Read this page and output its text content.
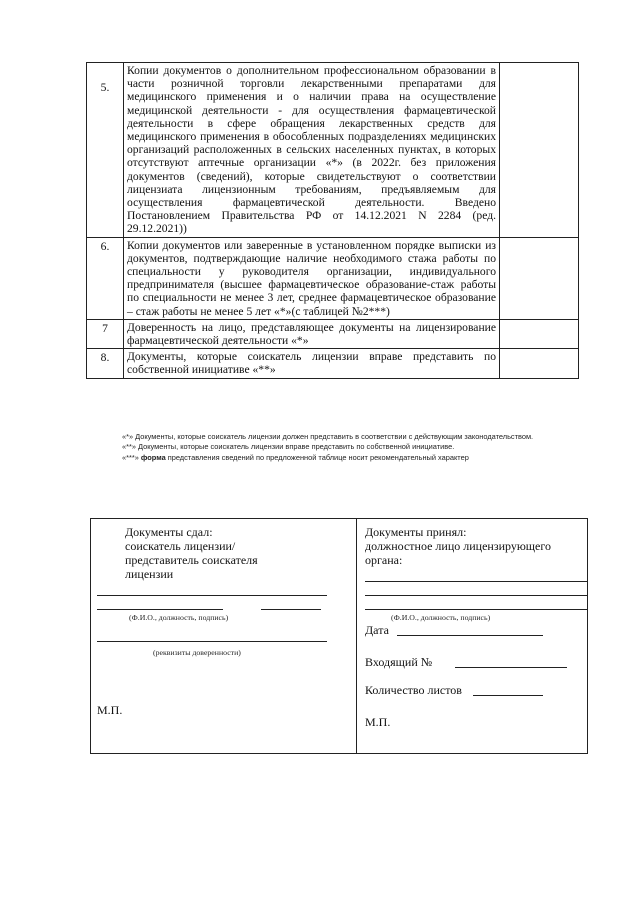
5.	Копии документов о дополнительном профессиональном образовании в части розничной торговли лекарственными препаратами для медицинского применения и о наличии права на осуществление медицинской деятельности - для осуществления фармацевтической деятельности в сфере обращения лекарственных средств для медицинского применения в обособленных подразделениях медицинских организаций расположенных в сельских населенных пунктах, в которых отсутствуют аптечные организации «*» (в 2022г. без приложения документов (сведений), которые свидетельствуют о соответствии лицензиата лицензионным требованиям, предъявляемым для осуществления фармацевтической деятельности. Введено Постановлением Правительства РФ от 14.12.2021 N 2284 (ред. 29.12.2021))	
6.	Копии документов или заверенные в установленном порядке выписки из документов, подтверждающие наличие необходимого стажа работы по специальности у руководителя организации, индивидуального предпринимателя (высшее фармацевтическое образование-стаж работы по специальности не менее 3 лет, среднее фармацевтическое образование – стаж работы не менее 5 лет «*»(с таблицей №2***)	
7	Доверенность на лицо, представляющее документы на лицензирование фармацевтической деятельности «*»	
8.	Документы, которые соискатель лицензии вправе представить по собственной инициативе «**»	
«*» Документы, которые соискатель лицензии должен представить в соответствии с действующим законодательством.
«**» Документы, которые соискатель лицензии вправе представить по собственной инициативе.
«***» форма представления сведений по предложенной таблице носит рекомендательный характер
Документы сдал:
соискатель лицензии/
представитель соискателя
лицензии
(Ф.И.О., должность, подпись)
(реквизиты доверенности)
М.П.
Документы принял:
должностное лицо лицензирующего
органа:
(Ф.И.О., должность, подпись)
Дата
Входящий №
Количество листов
М.П.
